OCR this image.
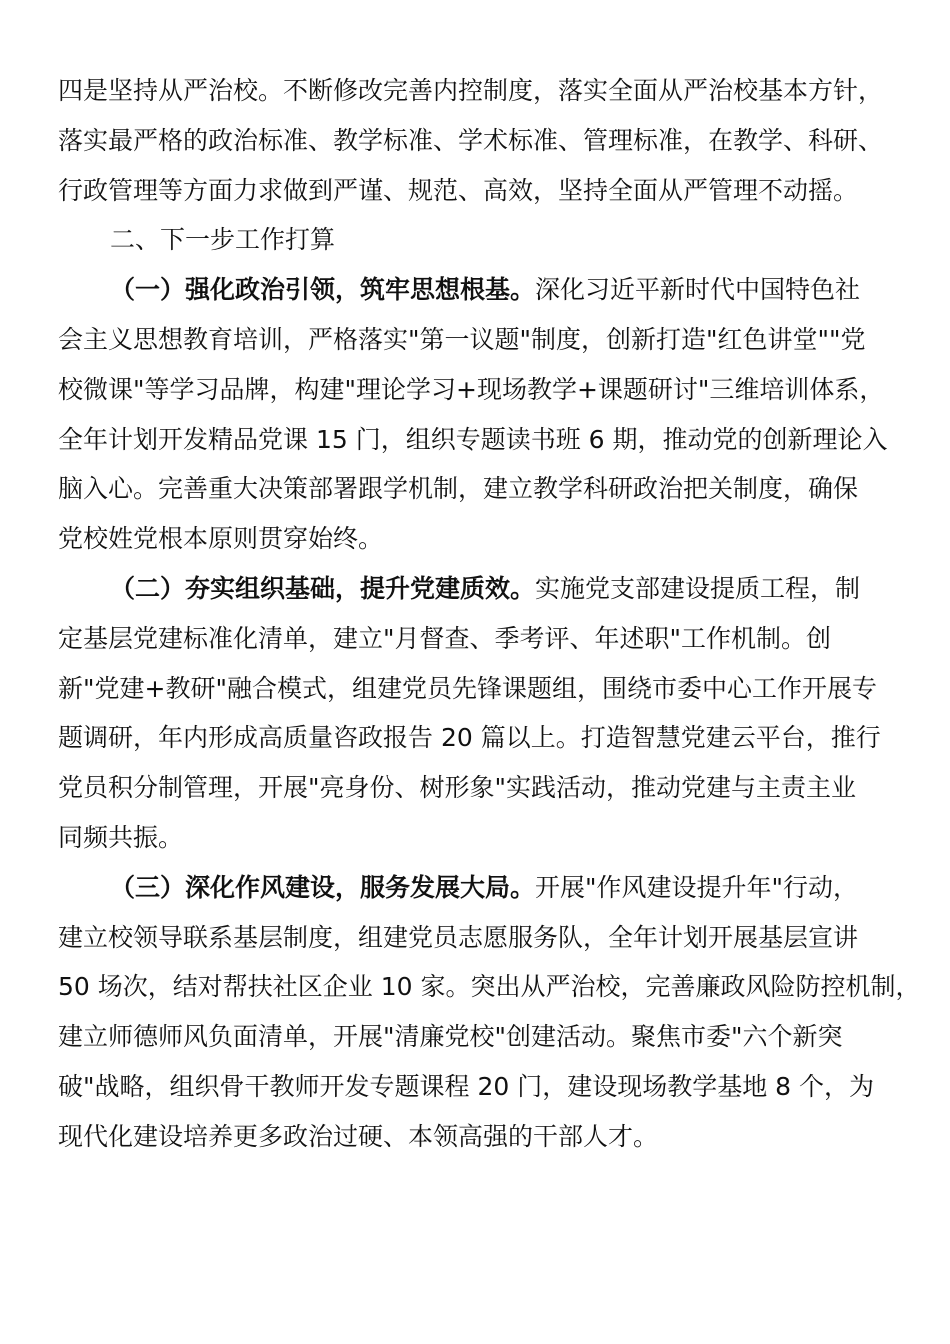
四是坚持从严治校。不断修改完善内控制度，落实全面从严治校基本方针，
落实最严格的政治标准、教学标准、学术标准、管理标准，在教学、科研、
行政管理等方面力求做到严谨、规范、高效，坚持全面从严管理不动摇。
二、下一步工作打算
（一）强化政治引领，筑牢思想根基。深化习近平新时代中国特色社
会主义思想教育培训，严格落实"第一议题"制度，创新打造"红色讲堂""党
校微课"等学习品牌，构建"理论学习+现场教学+课题研讨"三维培训体系，
全年计划开发精品党课 15 门，组织专题读书班 6 期，推动党的创新理论入
脑入心。完善重大决策部署跟学机制，建立教学科研政治把关制度，确保
党校姓党根本原则贯穿始终。
（二）夯实组织基础，提升党建质效。实施党支部建设提质工程，制
定基层党建标准化清单，建立"月督查、季考评、年述职"工作机制。创
新"党建+教研"融合模式，组建党员先锋课题组，围绕市委中心工作开展专
题调研，年内形成高质量咨政报告 20 篇以上。打造智慧党建云平台，推行
党员积分制管理，开展"亮身份、树形象"实践活动，推动党建与主责主业
同频共振。
（三）深化作风建设，服务发展大局。开展"作风建设提升年"行动，
建立校领导联系基层制度，组建党员志愿服务队，全年计划开展基层宣讲
50 场次，结对帮扶社区企业 10 家。突出从严治校，完善廉政风险防控机制，
建立师德师风负面清单，开展"清廉党校"创建活动。聚焦市委"六个新突
破"战略，组织骨干教师开发专题课程 20 门，建设现场教学基地 8 个，为
现代化建设培养更多政治过硬、本领高强的干部人才。
